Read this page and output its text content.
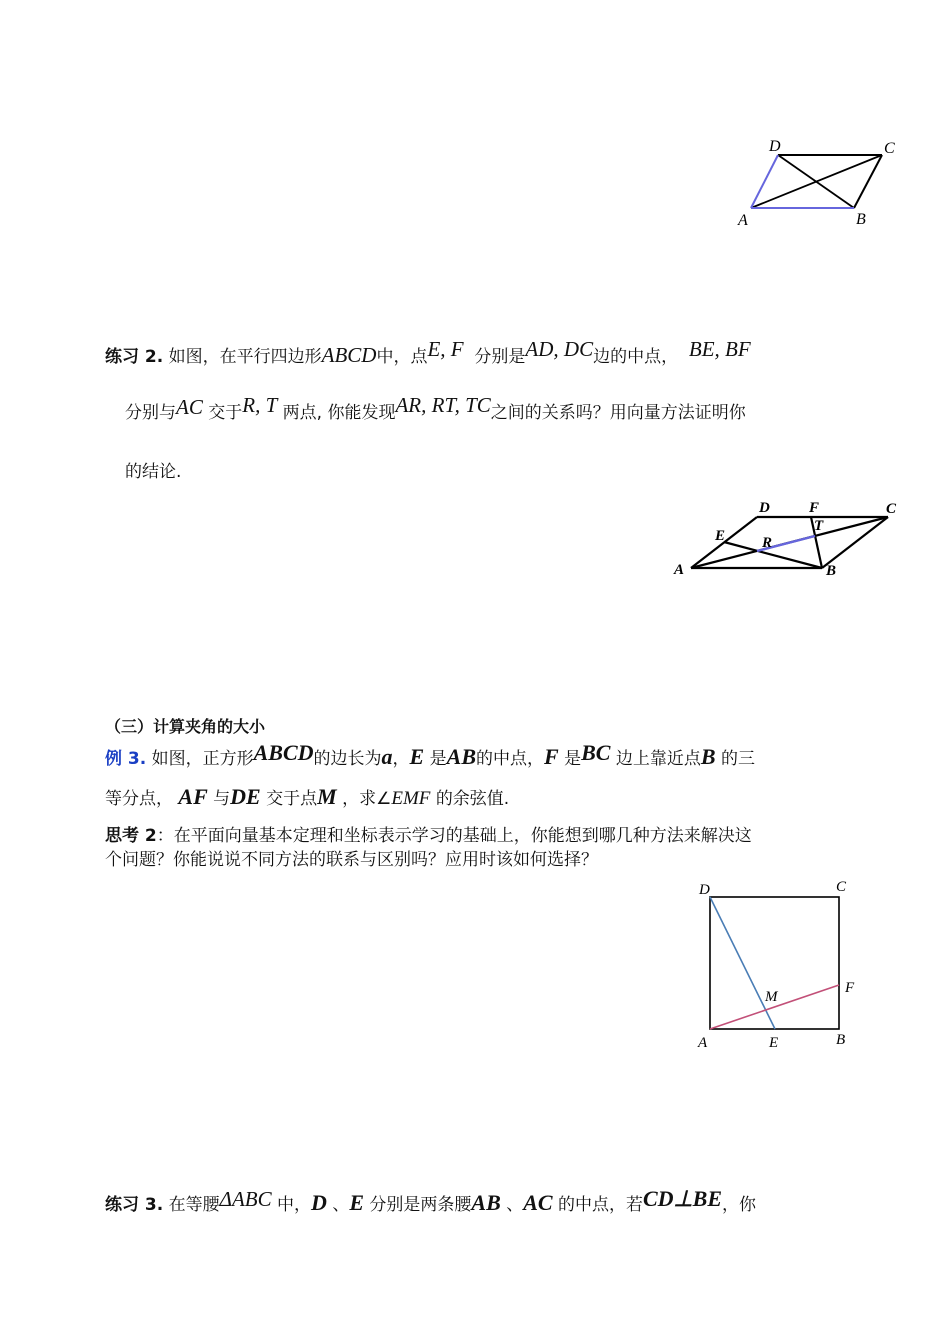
D	C
A	B
练习 2. 如图，在平行四边形ABCD中，点E, F 分别是AD, DC边的中点， BE, BF
分别与AC 交于R, T 两点, 你能发现AR, RT, TC之间的关系吗？用向量方法证明你
的结论.
D	F	C
T
E R
A	B
（三）计算夹角的大小
例 3. 如图，正方形ABCD的边长为a，E 是AB的中点，F 是BC 边上靠近点B 的三
等分点， AF 与DE 交于点M ，求∠EMF 的余弦值.
思考 2：在平面向量基本定理和坐标表示学习的基础上，你能想到哪几种方法来解决这
个问题？你能说说不同方法的联系与区别吗？应用时该如何选择？
D	C
F
M
A	E	B
练习 3. 在等腰ΔABC 中，D 、E 分别是两条腰AB 、AC 的中点，若CD⊥BE，你
